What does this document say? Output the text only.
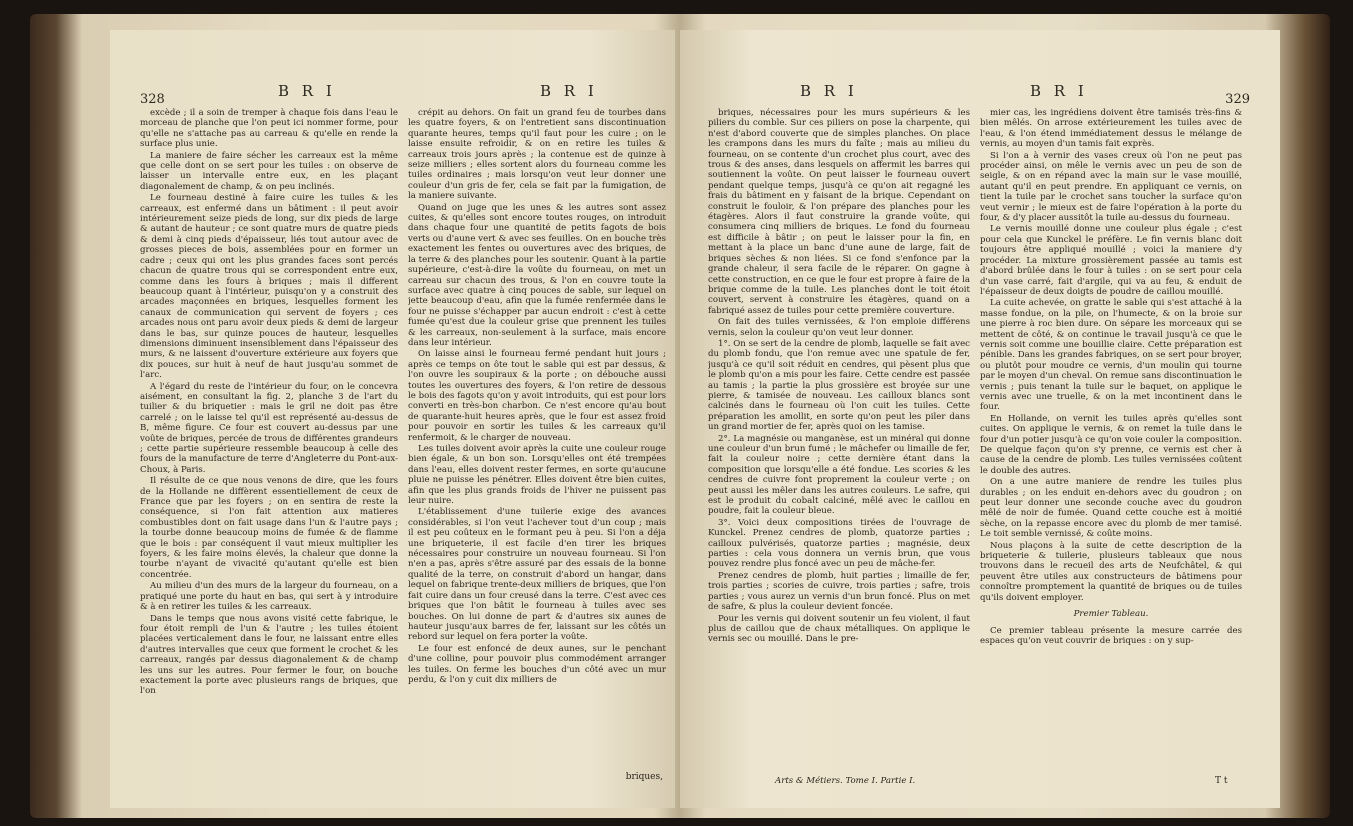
328	B R I	B R I

excède ; il a soin de tremper à chaque fois dans l'eau le morceau de planche que l'on peut ici nommer forme, pour qu'elle ne s'attache pas au carreau & qu'elle en rende la surface plus unie.

La maniere de faire sécher les carreaux est la même que celle dont on se sert pour les tuiles : on observe de laisser un intervalle entre eux, en les plaçant diagonalement de champ, & on peu inclinés.

Le fourneau destiné à faire cuire les tuiles & les carreaux, est enfermé dans un bâtiment : il peut avoir intérieurement seize pieds de long, sur dix pieds de large & autant de hauteur ; ce sont quatre murs de quatre pieds & demi à cinq pieds d'épaisseur, liés tout autour avec de grosses pieces de bois, assemblées pour en former un cadre ; ceux qui ont les plus grandes faces sont percés chacun de quatre trous qui se correspondent entre eux, comme dans les fours à briques ; mais il different beaucoup quant à l'intérieur, puisqu'on y a construit des arcades maçonnées en briques, lesquelles forment les canaux de communication qui servent de foyers ; ces arcades nous ont paru avoir deux pieds & demi de largeur dans le bas, sur quinze pouces de hauteur, lesquelles dimensions diminuent insensiblement dans l'épaisseur des murs, & ne laissent d'ouverture extérieure aux foyers que dix pouces, sur huit à neuf de haut jusqu'au sommet de l'arc.

A l'égard du reste de l'intérieur du four, on le concevra aisément, en consultant la fig. 2, planche 3 de l'art du tuilier & du briquetier : mais le gril ne doit pas être carrelé ; on le laisse tel qu'il est représenté au-dessus de B, même figure. Ce four est couvert au-dessus par une voûte de briques, percée de trous de différentes grandeurs ; cette partie supérieure ressemble beaucoup à celle des fours de la manufacture de terre d'Angleterre du Pont-aux-Choux, à Paris.

Il résulte de ce que nous venons de dire, que les fours de la Hollande ne diffèrent essentiellement de ceux de France que par les foyers ; on en sentira de reste la conséquence, si l'on fait attention aux matieres combustibles dont on fait usage dans l'un & l'autre pays ; la tourbe donne beaucoup moins de fumée & de flamme que le bois : par conséquent il vaut mieux multiplier les foyers, & les faire moins élevés, la chaleur que donne la tourbe n'ayant de vivacité qu'autant qu'elle est bien concentrée.

Au milieu d'un des murs de la largeur du fourneau, on a pratiqué une porte du haut en bas, qui sert à y introduire & à en retirer les tuiles & les carreaux.

Dans le temps que nous avons visité cette fabrique, le four étoit rempli de l'un & l'autre ; les tuiles étoient placées verticalement dans le four, ne laissant entre elles d'autres intervalles que ceux que forment le crochet & les carreaux, rangés par dessus diagonalement & de champ les uns sur les autres. Pour fermer le four, on bouche exactement la porte avec plusieurs rangs de briques, que l'on

crépit au dehors. On fait un grand feu de tourbes dans les quatre foyers, & on l'entretient sans discontinuation quarante heures, temps qu'il faut pour les cuire ; on le laisse ensuite refroidir, & on en retire les tuiles & carreaux trois jours après ; la contenue est de quinze à seize milliers ; elles sortent alors du fourneau comme les tuiles ordinaires ; mais lorsqu'on veut leur donner une couleur d'un gris de fer, cela se fait par la fumigation, de la maniere suivante.

Quand on juge que les unes & les autres sont assez cuites, & qu'elles sont encore toutes rouges, on introduit dans chaque four une quantité de petits fagots de bois verts ou d'aune vert & avec ses feuilles. On en bouche très exactement les fentes ou ouvertures avec des briques, de la terre & des planches pour les soutenir. Quant à la partie supérieure, c'est-à-dire la voûte du fourneau, on met un carreau sur chacun des trous, & l'on en couvre toute la surface avec quatre à cinq pouces de sable, sur lequel on jette beaucoup d'eau, afin que la fumée renfermée dans le four ne puisse s'échapper par aucun endroit : c'est à cette fumée qu'est due la couleur grise que prennent les tuiles & les carreaux, non-seulement à la surface, mais encore dans leur intérieur.

On laisse ainsi le fourneau fermé pendant huit jours ; après ce temps on ôte tout le sable qui est par dessus, & l'on ouvre les soupiraux & la porte ; on débouche aussi toutes les ouvertures des foyers, & l'on retire de dessous le bois des fagots qu'on y avoit introduits, qui est pour lors converti en très-bon charbon. Ce n'est encore qu'au bout de quarante-huit heures après, que le four est assez froid pour pouvoir en sortir les tuiles & les carreaux qu'il renfermoit, & le charger de nouveau.

Les tuiles doivent avoir après la cuite une couleur rouge bien égale, & un bon son. Lorsqu'elles ont été trempées dans l'eau, elles doivent rester fermes, en sorte qu'aucune pluie ne puisse les pénétrer. Elles doivent être bien cuites, afin que les plus grands froids de l'hiver ne puissent pas leur nuire.

L'établissement d'une tuilerie exige des avances considérables, si l'on veut l'achever tout d'un coup ; mais il est peu coûteux en le formant peu à peu. Si l'on a déja une briqueterie, il est facile d'en tirer les briques nécessaires pour construire un nouveau fourneau. Si l'on n'en a pas, après s'être assuré par des essais de la bonne qualité de la terre, on construit d'abord un hangar, dans lequel on fabrique trente-deux milliers de briques, que l'on fait cuire dans un four creusé dans la terre. C'est avec ces briques que l'on bâtit le fourneau à tuiles avec ses bouches. On lui donne de part & d'autres six aunes de hauteur jusqu'aux barres de fer, laissant sur les côtés un rebord sur lequel on fera porter la voûte.

Le four est enfoncé de deux aunes, sur le penchant d'une colline, pour pouvoir plus commodément arranger les tuiles. On ferme les bouches d'un côté avec un mur perdu, & l'on y cuit dix milliers de

briques,
B R I	B R I	329

briques, nécessaires pour les murs supérieurs & les piliers du comble. Sur ces piliers on pose la charpente, qui n'est d'abord couverte que de simples planches. On place les crampons dans les murs du faîte ; mais au milieu du fourneau, on se contente d'un crochet plus court, avec des trous & des anses, dans lesquels on affermit les barres qui soutiennent la voûte. On peut laisser le fourneau ouvert pendant quelque temps, jusqu'à ce qu'on ait regagné les frais du bâtiment en y faisant de la brique. Cependant on construit le fouloir, & l'on prépare des planches pour les étagères. Alors il faut construire la grande voûte, qui consumera cinq milliers de briques. Le fond du fourneau est difficile à bâtir ; on peut le laisser pour la fin, en mettant à la place un banc d'une aune de large, fait de briques sèches & non liées. Si ce fond s'enfonce par la grande chaleur, il sera facile de le réparer. On gagne à cette construction, en ce que le four est propre à faire de la brique comme de la tuile. Les planches dont le toit étoit couvert, servent à construire les étagères, quand on a fabriqué assez de tuiles pour cette première couverture.

On fait des tuiles vernissées, & l'on emploie différens vernis, selon la couleur qu'on veut leur donner.

1°. On se sert de la cendre de plomb, laquelle se fait avec du plomb fondu, que l'on remue avec une spatule de fer, jusqu'à ce qu'il soit réduit en cendres, qui pèsent plus que le plomb qu'on a mis pour les faire. Cette cendre est passée au tamis ; la partie la plus grossière est broyée sur une pierre, & tamisée de nouveau. Les cailloux blancs sont calcinés dans le fourneau où l'on cuit les tuiles. Cette préparation les amollit, en sorte qu'on peut les piler dans un grand mortier de fer, après quoi on les tamise.

2°. La magnésie ou manganèse, est un minéral qui donne une couleur d'un brun fumé ; le mâchefer ou limaille de fer, fait la couleur noire ; cette dernière étant dans la composition que lorsqu'elle a été fondue. Les scories & les cendres de cuivre font proprement la couleur verte ; on peut aussi les mêler dans les autres couleurs. Le safre, qui est le produit du cobalt calciné, mêlé avec le caillou en poudre, fait la couleur bleue.

3°. Voici deux compositions tirées de l'ouvrage de Kunckel. Prenez cendres de plomb, quatorze parties ; cailloux pulvérisés, quatorze parties ; magnésie, deux parties : cela vous donnera un vernis brun, que vous pouvez rendre plus foncé avec un peu de mâche-fer.

Prenez cendres de plomb, huit parties ; limaille de fer, trois parties ; scories de cuivre, trois parties ; safre, trois parties ; vous aurez un vernis d'un brun foncé. Plus on met de safre, & plus la couleur devient foncée.

Pour les vernis qui doivent soutenir un feu violent, il faut plus de caillou que de chaux métalliques. On applique le vernis sec ou mouillé. Dans le pre-

mier cas, les ingrédiens doivent être tamisés très-fins & bien mêlés. On arrose extérieurement les tuiles avec de l'eau, & l'on étend immédiatement dessus le mélange de vernis, au moyen d'un tamis fait exprès.

Si l'on a à vernir des vases creux où l'on ne peut pas procéder ainsi, on mêle le vernis avec un peu de son de seigle, & on en répand avec la main sur le vase mouillé, autant qu'il en peut prendre. En appliquant ce vernis, on tient la tuile par le crochet sans toucher la surface qu'on veut vernir ; le mieux est de faire l'opération à la porte du four, & d'y placer aussitôt la tuile au-dessus du fourneau.

Le vernis mouillé donne une couleur plus égale ; c'est pour cela que Kunckel le préfère. Le fin vernis blanc doit toujours être appliqué mouillé ; voici la maniere d'y procéder. La mixture grossièrement passée au tamis est d'abord brûlée dans le four à tuiles : on se sert pour cela d'un vase carré, fait d'argile, qui va au feu, & enduit de l'épaisseur de deux doigts de poudre de caillou mouillé.

La cuite achevée, on gratte le sable qui s'est attaché à la masse fondue, on la pile, on l'humecte, & on la broie sur une pierre à roc bien dure. On sépare les morceaux qui se mettent de côté, & on continue le travail jusqu'à ce que le vernis soit comme une bouillie claire. Cette préparation est pénible. Dans les grandes fabriques, on se sert pour broyer, ou plutôt pour moudre ce vernis, d'un moulin qui tourne par le moyen d'un cheval. On remue sans discontinuation le vernis ; puis tenant la tuile sur le baquet, on applique le vernis avec une truelle, & on la met incontinent dans le four.

En Hollande, on vernit les tuiles après qu'elles sont cuites. On applique le vernis, & on remet la tuile dans le four d'un potier jusqu'à ce qu'on voie couler la composition. De quelque façon qu'on s'y prenne, ce vernis est cher à cause de la cendre de plomb. Les tuiles vernissées coûtent le double des autres.

On a une autre maniere de rendre les tuiles plus durables ; on les enduit en-dehors avec du goudron ; on peut leur donner une seconde couche avec du goudron mêlé de noir de fumée. Quand cette couche est à moitié sèche, on la repasse encore avec du plomb de mer tamisé. Le toit semble vernissé, & coûte moins.

Nous plaçons à la suite de cette description de la briqueterie & tuilerie, plusieurs tableaux que nous trouvons dans le recueil des arts de Neufchâtel, & qui peuvent être utiles aux constructeurs de bâtimens pour connoître promptement la quantité de briques ou de tuiles qu'ils doivent employer.

Premier Tableau.

Ce premier tableau présente la mesure carrée des espaces qu'on veut couvrir de briques : on y sup-

Arts & Métiers. Tome I. Partie I.	T t
